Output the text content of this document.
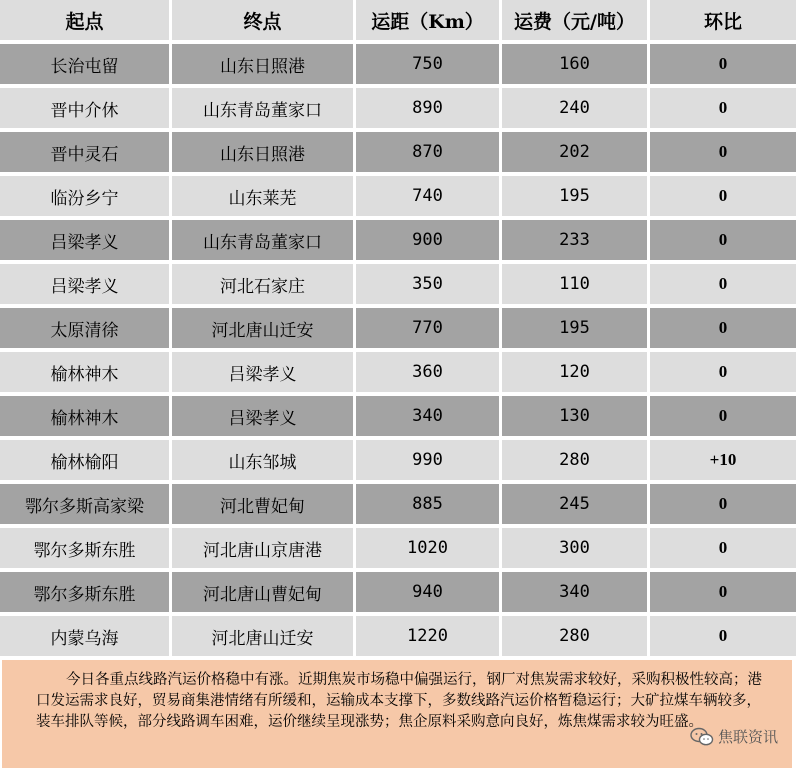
起点	终点	运距（Km）	运费（元/吨）	环比
长治屯留	山东日照港	750	160	0
晋中介休	山东青岛董家口	890	240	0
晋中灵石	山东日照港	870	202	0
临汾乡宁	山东莱芜	740	195	0
吕梁孝义	山东青岛董家口	900	233	0
吕梁孝义	河北石家庄	350	110	0
太原清徐	河北唐山迁安	770	195	0
榆林神木	吕梁孝义	360	120	0
榆林神木	吕梁孝义	340	130	0
榆林榆阳	山东邹城	990	280	+10
鄂尔多斯高家梁	河北曹妃甸	885	245	0
鄂尔多斯东胜	河北唐山京唐港	1020	300	0
鄂尔多斯东胜	河北唐山曹妃甸	940	340	0
内蒙乌海	河北唐山迁安	1220	280	0

今日各重点线路汽运价格稳中有涨。近期焦炭市场稳中偏强运行，钢厂对焦炭需求较好，采购积极性较高；港口发运需求良好，贸易商集港情绪有所缓和，运输成本支撑下，多数线路汽运价格暂稳运行；大矿拉煤车辆较多，装车排队等候，部分线路调车困难，运价继续呈现涨势；焦企原料采购意向良好，炼焦煤需求较为旺盛。

焦联资讯
